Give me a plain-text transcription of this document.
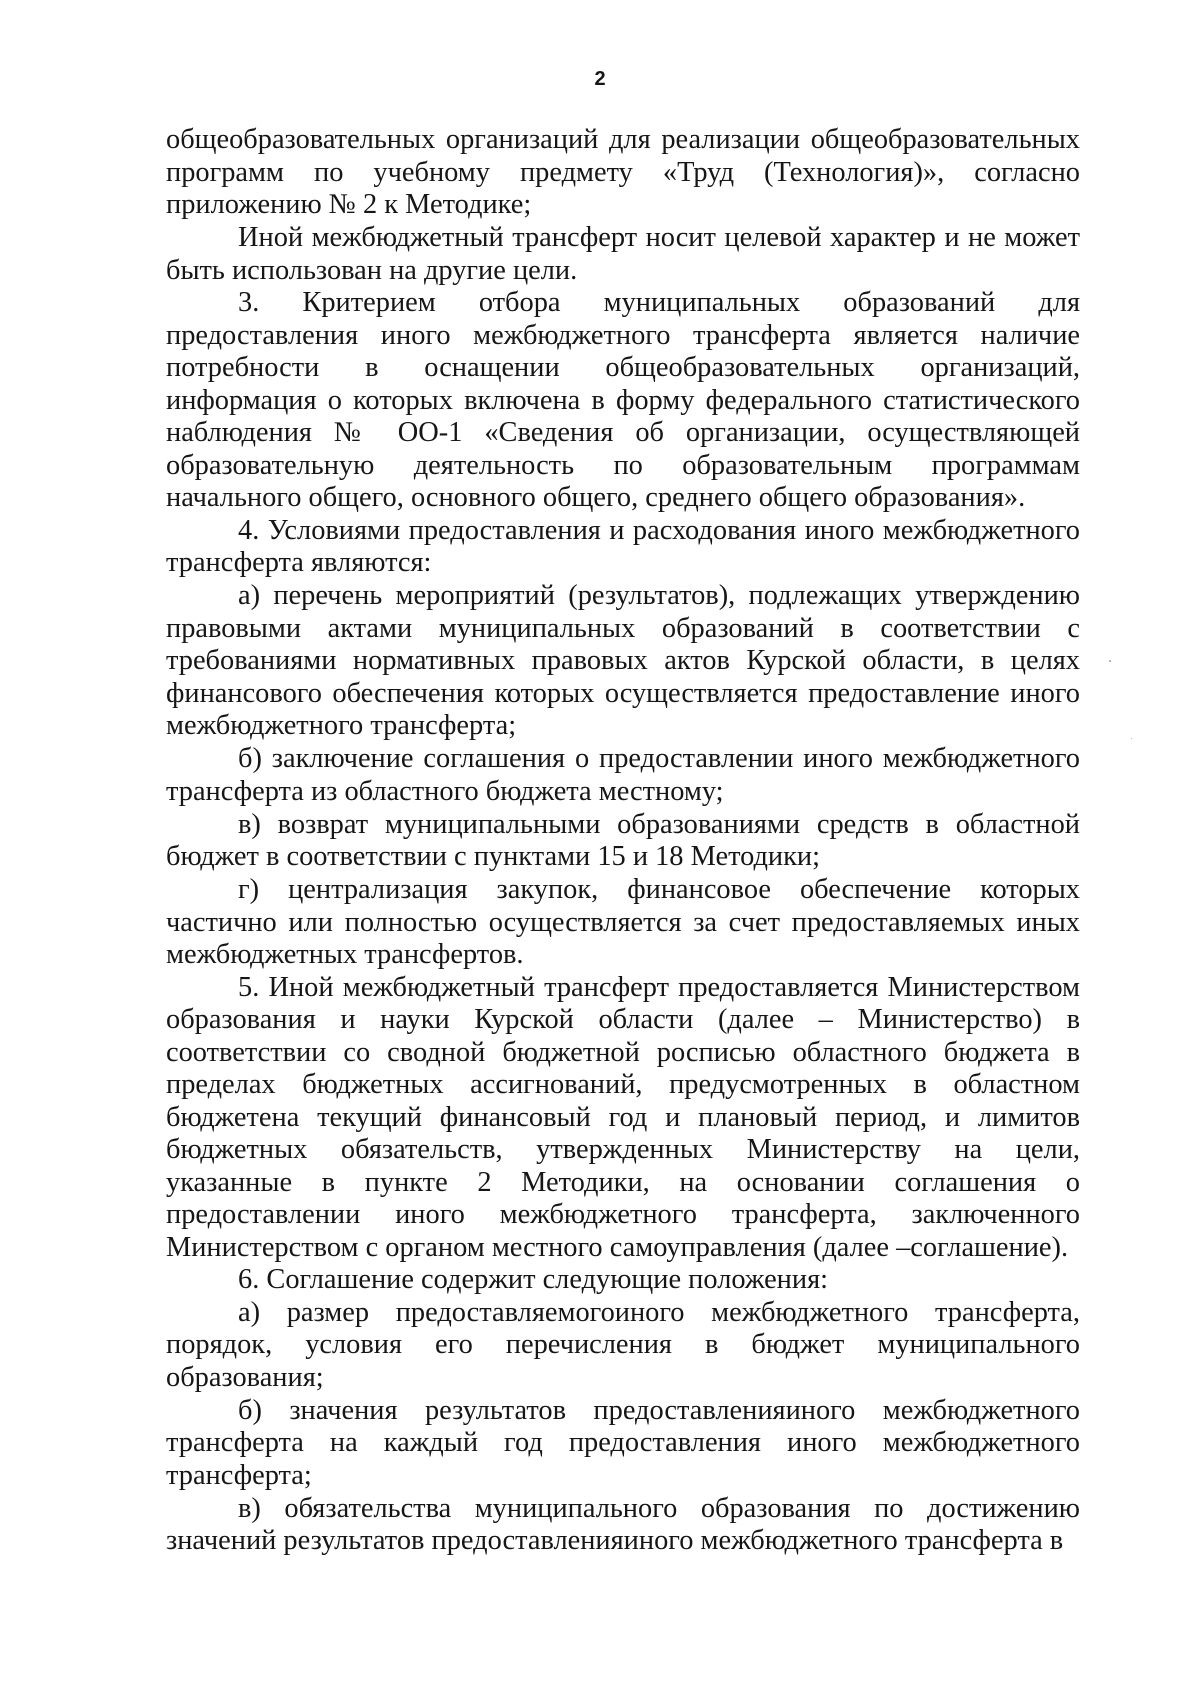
2

общеобразовательных организаций для реализации общеобразовательных программ по учебному предмету «Труд (Технология)», согласно приложению № 2 к Методике;

Иной межбюджетный трансферт носит целевой характер и не может быть использован на другие цели.

3. Критерием отбора муниципальных образований для предоставления иного межбюджетного трансферта является наличие потребности в оснащении общеобразовательных организаций, информация о которых включена в форму федерального статистического наблюдения № ОО-1 «Сведения об организации, осуществляющей образовательную деятельность по образовательным программам начального общего, основного общего, среднего общего образования».

4. Условиями предоставления и расходования иного межбюджетного трансферта являются:

а) перечень мероприятий (результатов), подлежащих утверждению правовыми актами муниципальных образований в соответствии с требованиями нормативных правовых актов Курской области, в целях финансового обеспечения которых осуществляется предоставление иного межбюджетного трансферта;

б) заключение соглашения о предоставлении иного межбюджетного трансферта из областного бюджета местному;

в) возврат муниципальными образованиями средств в областной бюджет в соответствии с пунктами 15 и 18 Методики;

г) централизация закупок, финансовое обеспечение которых частично или полностью осуществляется за счет предоставляемых иных межбюджетных трансфертов.

5. Иной межбюджетный трансферт предоставляется Министерством образования и науки Курской области (далее – Министерство) в соответствии со сводной бюджетной росписью областного бюджета в пределах бюджетных ассигнований, предусмотренных в областном бюджетена текущий финансовый год и плановый период, и лимитов бюджетных обязательств, утвержденных Министерству на цели, указанные в пункте 2 Методики, на основании соглашения о предоставлении иного межбюджетного трансферта, заключенного Министерством с органом местного самоуправления (далее –соглашение).

6. Соглашение содержит следующие положения:

а) размер предоставляемогоиного межбюджетного трансферта, порядок, условия его перечисления в бюджет муниципального образования;

б) значения результатов предоставленияиного межбюджетного трансферта на каждый год предоставления иного межбюджетного трансферта;

в) обязательства муниципального образования по достижению значений результатов предоставленияиного межбюджетного трансферта в
